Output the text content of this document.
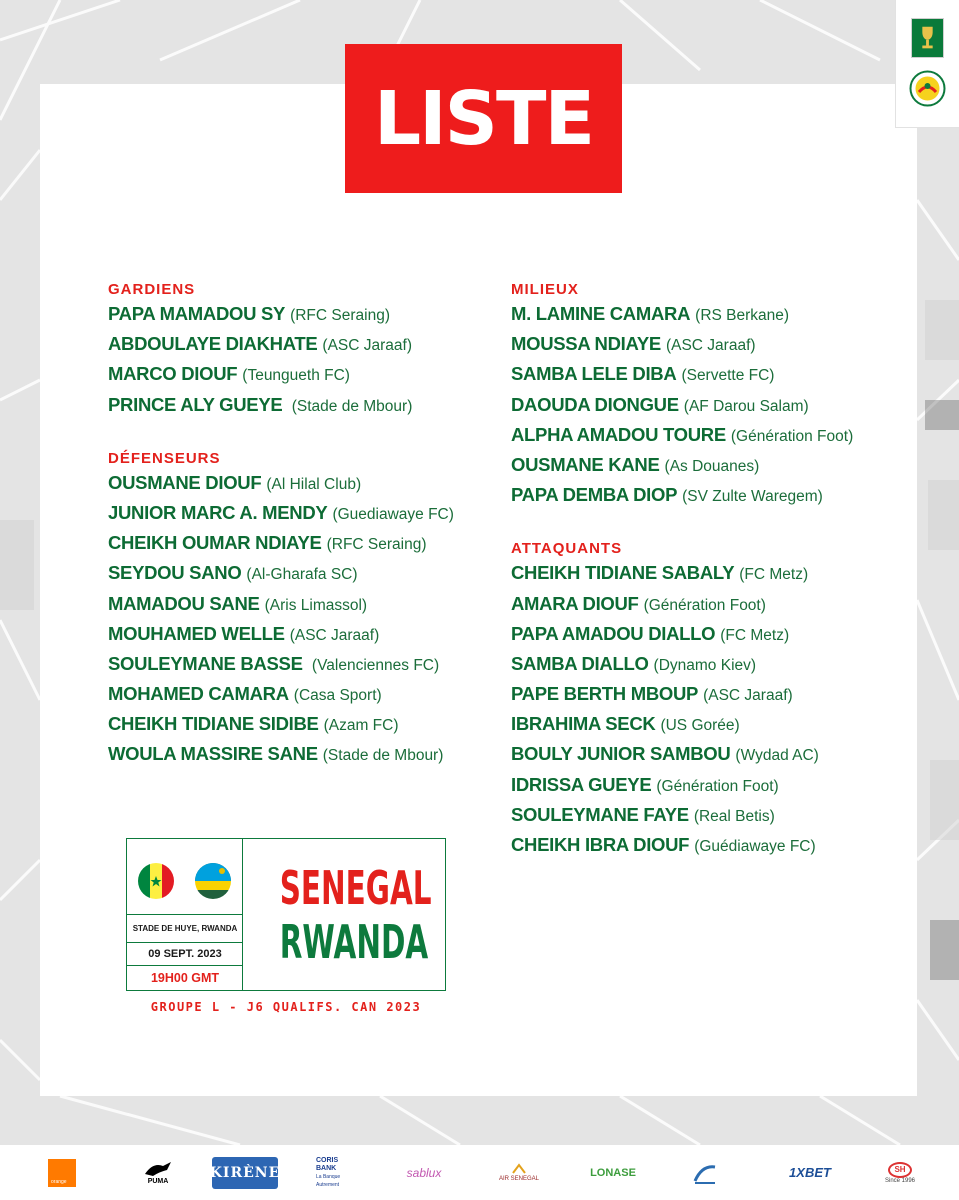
LISTE
GARDIENS
PAPA MAMADOU SY (RFC Seraing)
ABDOULAYE DIAKHATE (ASC Jaraaf)
MARCO DIOUF (Teungueth FC)
PRINCE ALY GUEYE (Stade de Mbour)
DÉFENSEURS
OUSMANE DIOUF (Al Hilal Club)
JUNIOR MARC A. MENDY (Guediawaye FC)
CHEIKH OUMAR NDIAYE (RFC Seraing)
SEYDOU SANO (Al-Gharafa SC)
MAMADOU SANE (Aris Limassol)
MOUHAMED WELLE (ASC Jaraaf)
SOULEYMANE BASSE (Valenciennes FC)
MOHAMED CAMARA (Casa Sport)
CHEIKH TIDIANE SIDIBE (Azam FC)
WOULA MASSIRE SANE (Stade de Mbour)
MILIEUX
M. LAMINE CAMARA (RS Berkane)
MOUSSA NDIAYE (ASC Jaraaf)
SAMBA LELE DIBA (Servette FC)
DAOUDA DIONGUE (AF Darou Salam)
ALPHA AMADOU TOURE (Génération Foot)
OUSMANE KANE (As Douanes)
PAPA DEMBA DIOP (SV Zulte Waregem)
ATTAQUANTS
CHEIKH TIDIANE SABALY (FC Metz)
AMARA DIOUF (Génération Foot)
PAPA AMADOU DIALLO (FC Metz)
SAMBA DIALLO (Dynamo Kiev)
PAPE BERTH MBOUP (ASC Jaraaf)
IBRAHIMA SECK (US Gorée)
BOULY JUNIOR SAMBOU (Wydad AC)
IDRISSA GUEYE (Génération Foot)
SOULEYMANE FAYE (Real Betis)
CHEIKH IBRA DIOUF (Guédiawaye FC)
STADE DE HUYE, RWANDA
09 SEPT. 2023
19H00 GMT
SENEGAL
RWANDA
GROUPE L - J6 QUALIFS. CAN 2023
orange	PUMA
KIRÈNE
CORIS BANK
La Banque Autrement
sablux	AIR SENEGAL	LONASE	1XBET	SH
Since 1996
